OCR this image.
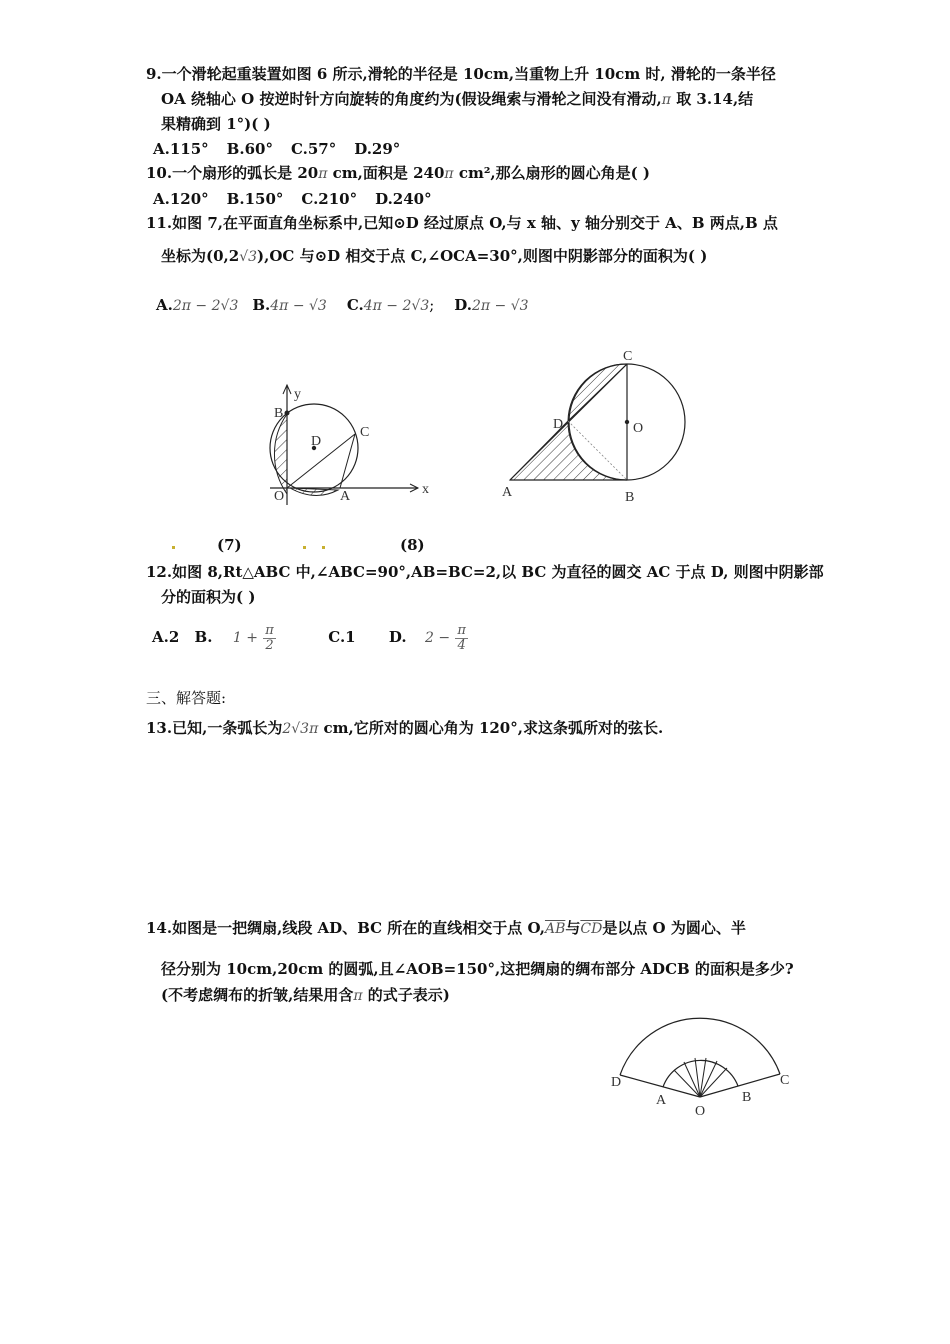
9.一个滑轮起重装置如图 6 所示,滑轮的半径是 10cm,当重物上升 10cm 时, 滑轮的一条半径
OA 绕轴心 O 按逆时针方向旋转的角度约为(假设绳索与滑轮之间没有滑动,π 取 3.14,结
果精确到 1°)( )
A.115° B.60° C.57° D.29°
10.一个扇形的弧长是 20π cm,面积是 240π cm²,那么扇形的圆心角是( )
A.120° B.150° C.210° D.240°
11.如图 7,在平面直角坐标系中,已知⊙D 经过原点 O,与 x 轴、y 轴分别交于 A、B 两点,B 点
坐标为(0,2√3),OC 与⊙D 相交于点 C,∠OCA=30°,则图中阴影部分的面积为( )
A.2π − 2√3 B.4π − √3 C.4π − 2√3; D.2π − √3
y
x
B
D
C
O	A
C
D	O
A	B
(7)	(8)
12.如图 8,Rt△ABC 中,∠ABC=90°,AB=BC=2,以 BC 为直径的圆交 AC 于点 D, 则图中阴影部
分的面积为( )
A.2 B. $1 + \frac{\pi}{2}$	C.1 D. $2 - \frac{\pi}{4}$
三、解答题:
13.已知,一条弧长为2√3π cm,它所对的圆心角为 120°,求这条弧所对的弦长.
14.如图是一把绸扇,线段 AD、BC 所在的直线相交于点 $O,\overline{AB}$与$\overline{CD}$是以点 O 为圆心、半
径分别为 10cm,20cm 的圆弧,且∠AOB=150°,这把绸扇的绸布部分 ADCB 的面积是多少?
(不考虑绸布的折皱,结果用含π 的式子表示)
D
A
O
B
C
